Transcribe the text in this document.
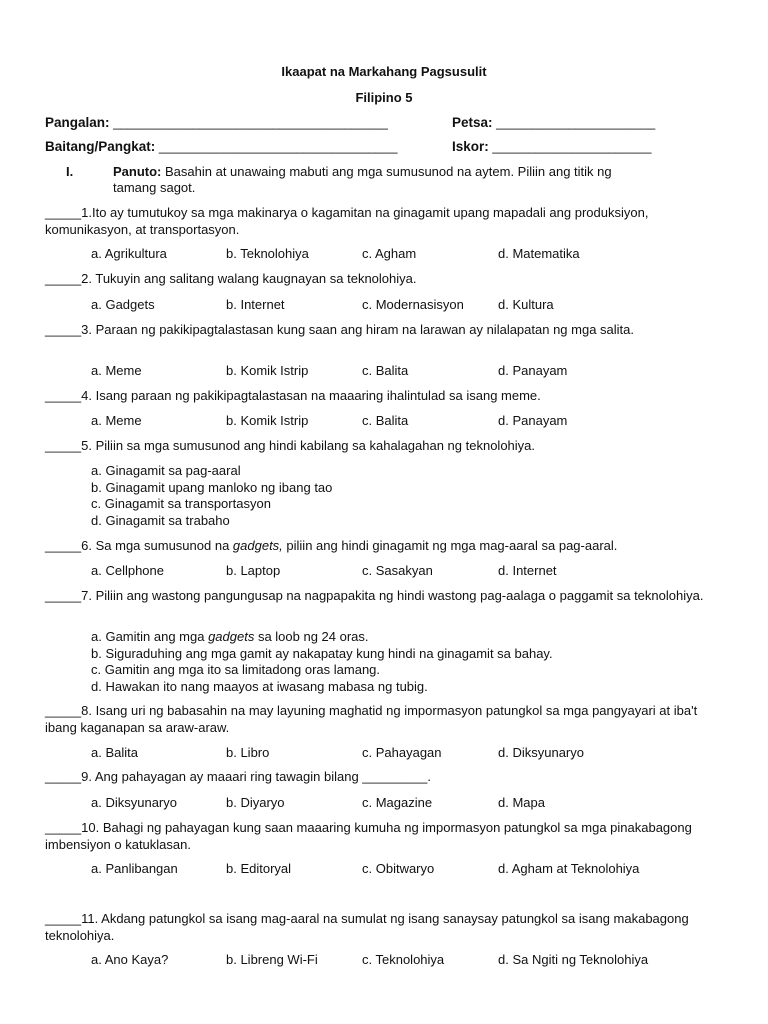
Ikaapat na Markahang Pagsusulit
Filipino 5
Pangalan: ______________________________________	Petsa: ______________________
Baitang/Pangkat: _________________________________	Iskor: ______________________
I.	Panuto: Basahin at unawaing mabuti ang mga sumusunod na aytem. Piliin ang titik ng
tamang sagot.
_____1.Ito ay tumutukoy sa mga makinarya o kagamitan na ginagamit upang mapadali ang produksiyon, komunikasyon, at transportasyon.
a. Agrikultura	b. Teknolohiya	c. Agham	d. Matematika
_____2. Tukuyin ang salitang walang kaugnayan sa teknolohiya.
a. Gadgets	b. Internet	c. Modernasisyon	d. Kultura
_____3. Paraan ng pakikipagtalastasan kung saan ang hiram na larawan ay nilalapatan ng mga salita.
a. Meme	b. Komik Istrip	c. Balita	d. Panayam
_____4. Isang paraan ng pakikipagtalastasan na maaaring ihalintulad sa isang meme.
a. Meme	b. Komik Istrip	c. Balita	d. Panayam
_____5. Piliin sa mga sumusunod ang hindi kabilang sa kahalagahan ng teknolohiya.
a. Ginagamit sa pag-aaral
b. Ginagamit upang manloko ng ibang tao
c. Ginagamit sa transportasyon
d. Ginagamit sa trabaho
_____6. Sa mga sumusunod na gadgets, piliin ang hindi ginagamit ng mga mag-aaral sa pag-aaral.
a. Cellphone	b. Laptop	c. Sasakyan	d. Internet
_____7. Piliin ang wastong pangungusap na nagpapakita ng hindi wastong pag-aalaga o paggamit sa teknolohiya.
a. Gamitin ang mga gadgets sa loob ng 24 oras.
b. Siguraduhing ang mga gamit ay nakapatay kung hindi na ginagamit sa bahay.
c. Gamitin ang mga ito sa limitadong oras lamang.
d. Hawakan ito nang maayos at iwasang mabasa ng tubig.
_____8. Isang uri ng babasahin na may layuning maghatid ng impormasyon patungkol sa mga pangyayari at iba't ibang kaganapan sa araw-araw.
a. Balita	b. Libro	c. Pahayagan	d. Diksyunaryo
_____9. Ang pahayagan ay maaari ring tawagin bilang _________.
a. Diksyunaryo	b. Diyaryo	c. Magazine	d. Mapa
_____10. Bahagi ng pahayagan kung saan maaaring kumuha ng impormasyon patungkol sa mga pinakabagong imbensiyon o katuklasan.
a. Panlibangan	b. Editoryal	c. Obitwaryo	d. Agham at Teknolohiya
_____11. Akdang patungkol sa isang mag-aaral na sumulat ng isang sanaysay patungkol sa isang makabagong teknolohiya.
a. Ano Kaya?	b. Libreng Wi-Fi	c. Teknolohiya	d. Sa Ngiti ng Teknolohiya
